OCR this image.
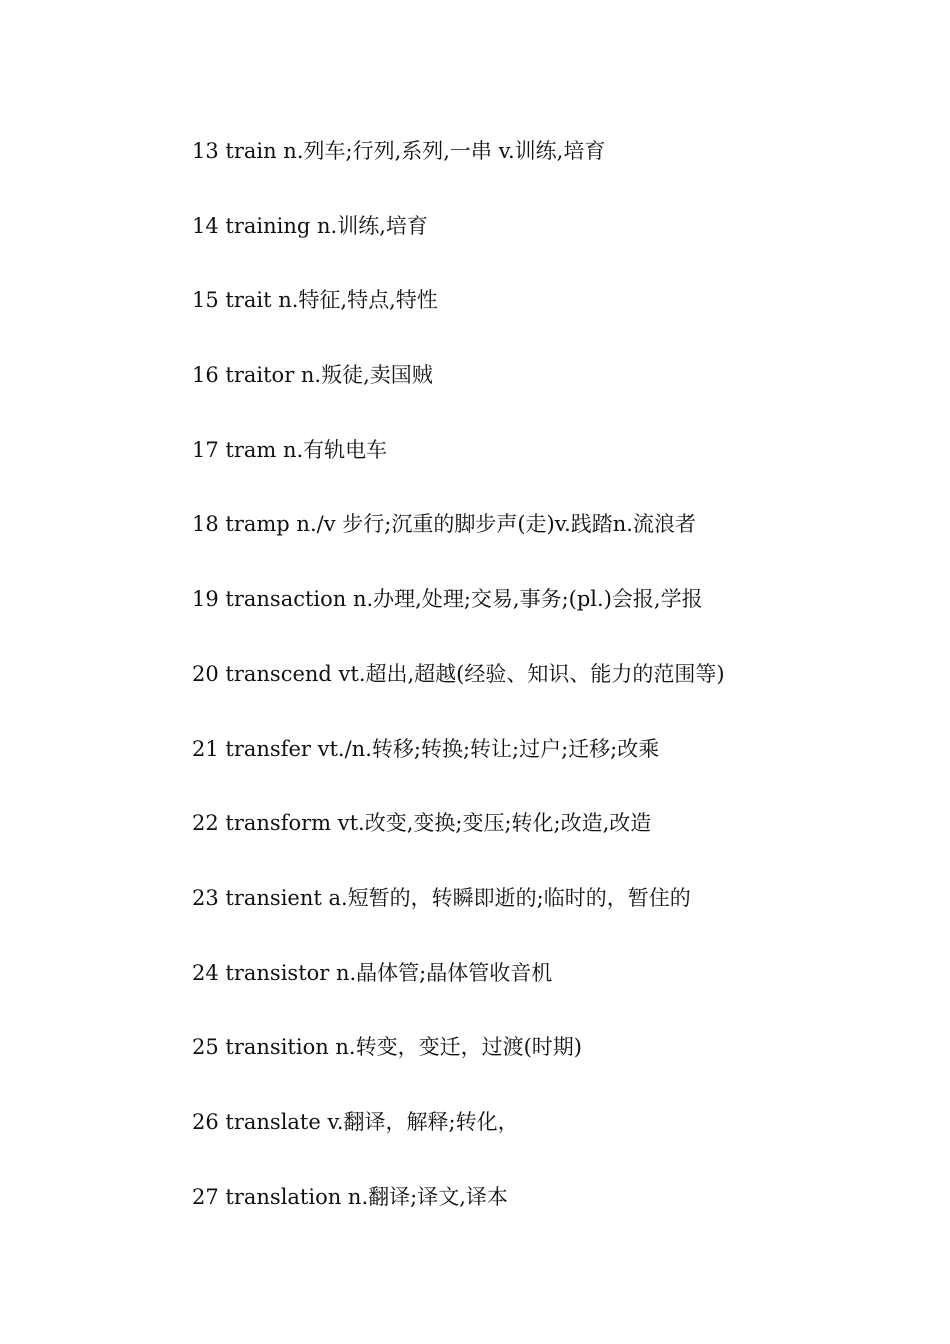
13 train n.列车;行列,系列,一串 v.训练,培育
14 training n.训练,培育
15 trait n.特征,特点,特性
16 traitor n.叛徒,卖国贼
17 tram n.有轨电车
18 tramp n./v 步行;沉重的脚步声(走)v.践踏n.流浪者
19 transaction n.办理,处理;交易,事务;(pl.)会报,学报
20 transcend vt.超出,超越(经验、知识、能力的范围等)
21 transfer vt./n.转移;转换;转让;过户;迁移;改乘
22 transform vt.改变,变换;变压;转化;改造,改造
23 transient a.短暂的，转瞬即逝的;临时的，暂住的
24 transistor n.晶体管;晶体管收音机
25 transition n.转变，变迁，过渡(时期)
26 translate v.翻译，解释;转化，
27 translation n.翻译;译文,译本
